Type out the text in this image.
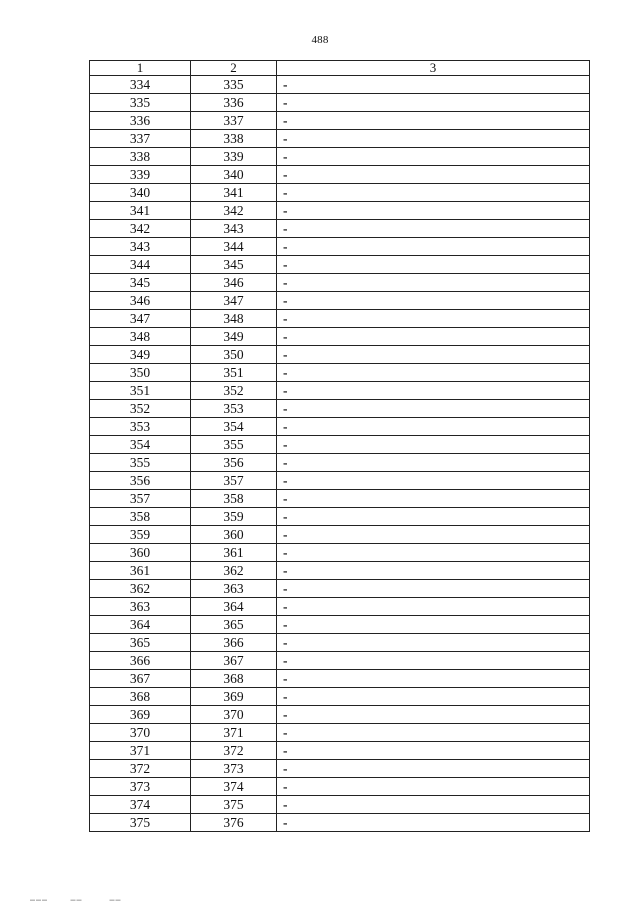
488
1	2	3
334	335	-
335	336	-
336	337	-
337	338	-
338	339	-
339	340	-
340	341	-
341	342	-
342	343	-
343	344	-
344	345	-
345	346	-
346	347	-
347	348	-
348	349	-
349	350	-
350	351	-
351	352	-
352	353	-
353	354	-
354	355	-
355	356	-
356	357	-
357	358	-
358	359	-
359	360	-
360	361	-
361	362	-
362	363	-
363	364	-
364	365	-
365	366	-
366	367	-
367	368	-
368	369	-
369	370	-
370	371	-
371	372	-
372	373	-
373	374	-
374	375	-
375	376	-
▬▬▬          ▬▬            ▬▬
